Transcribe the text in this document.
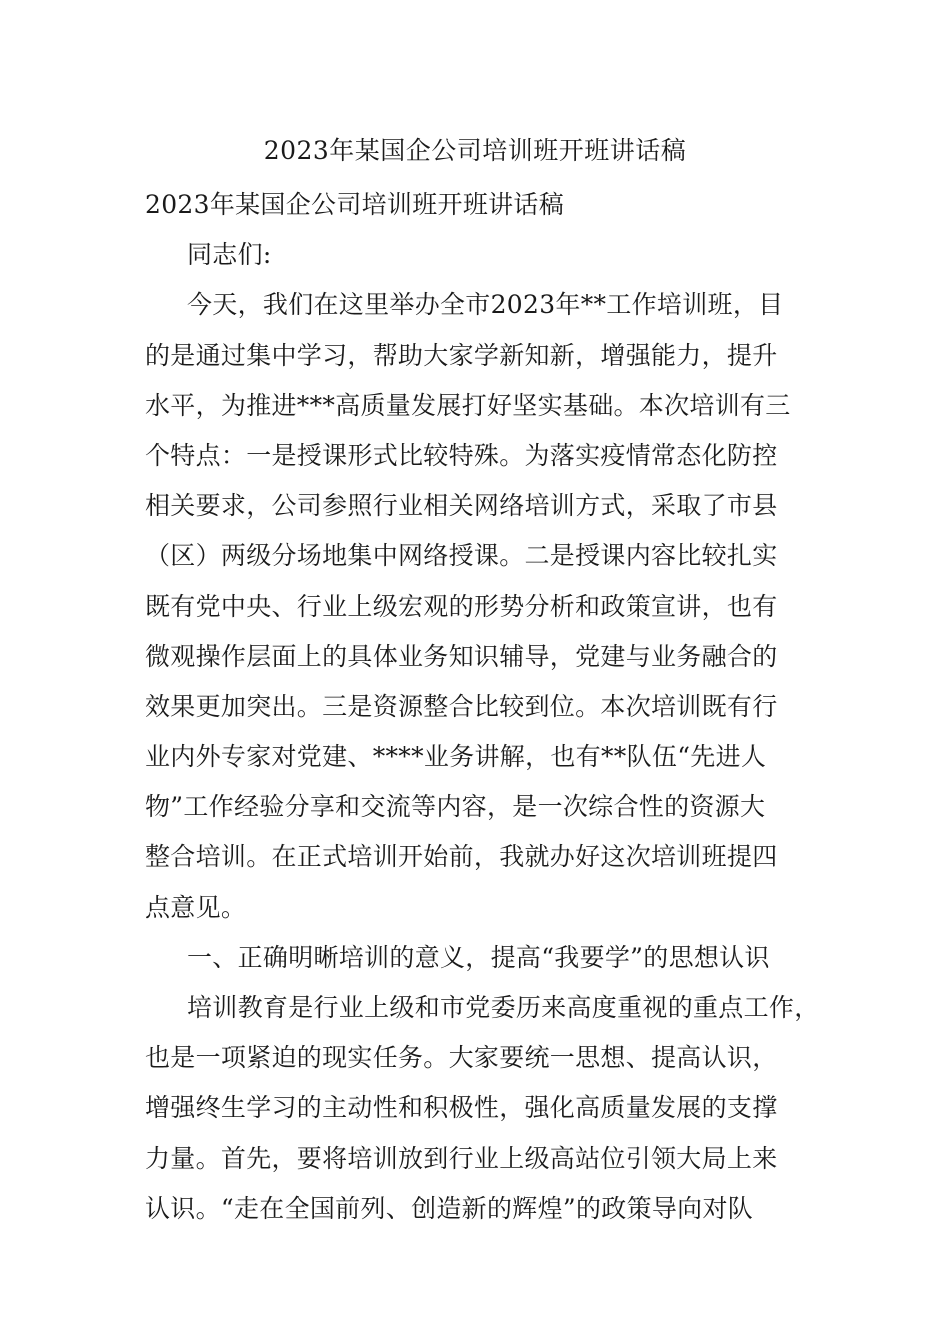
2023年某国企公司培训班开班讲话稿
2023年某国企公司培训班开班讲话稿
同志们:
今天，我们在这里举办全市2023年**工作培训班，目
的是通过集中学习，帮助大家学新知新，增强能力，提升
水平，为推进***高质量发展打好坚实基础。本次培训有三
个特点：一是授课形式比较特殊。为落实疫情常态化防控
相关要求，公司参照行业相关网络培训方式，采取了市县
（区）两级分场地集中网络授课。二是授课内容比较扎实
既有党中央、行业上级宏观的形势分析和政策宣讲，也有
微观操作层面上的具体业务知识辅导，党建与业务融合的
效果更加突出。三是资源整合比较到位。本次培训既有行
业内外专家对党建、****业务讲解，也有**队伍“先进人
物”工作经验分享和交流等内容，是一次综合性的资源大
整合培训。在正式培训开始前，我就办好这次培训班提四
点意见。
一、正确明晰培训的意义，提高“我要学”的思想认识
培训教育是行业上级和市党委历来高度重视的重点工作，
也是一项紧迫的现实任务。大家要统一思想、提高认识，
增强终生学习的主动性和积极性，强化高质量发展的支撑
力量。首先，要将培训放到行业上级高站位引领大局上来
认识。“走在全国前列、创造新的辉煌”的政策导向对队
